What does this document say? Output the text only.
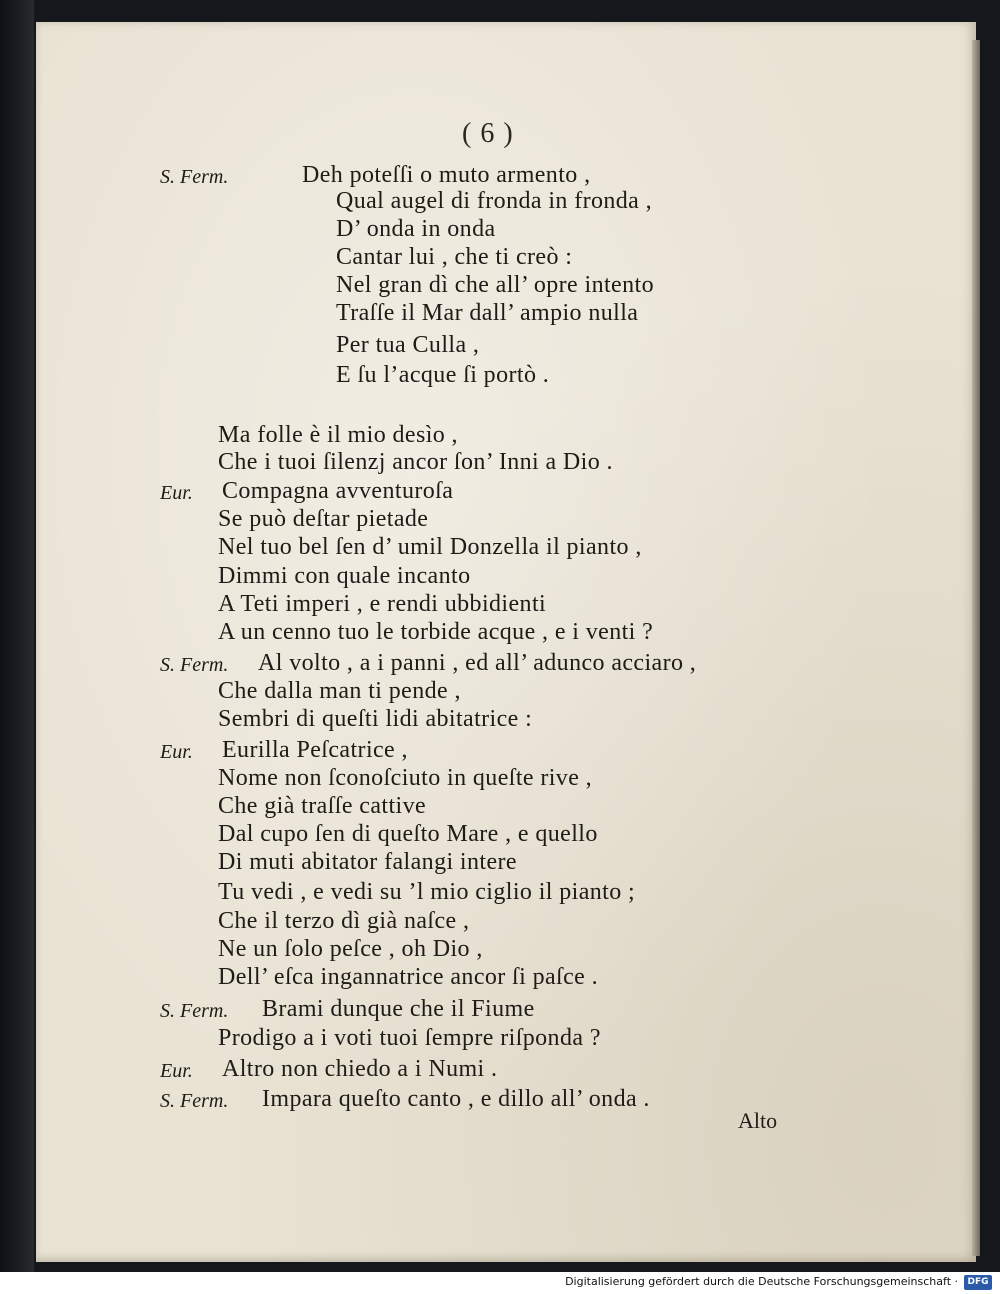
( 6 )
S. Ferm.	Deh poteſſi o muto armento ,
Qual augel di fronda in fronda ,
D’ onda in onda
Cantar lui , che ti creò :
Nel gran dì che all’ opre intento
Traſſe il Mar dall’ ampio nulla
Per tua Culla ,
E ſu l’acque ſi portò .
Ma folle è il mio desìo ,
Che i tuoi ſilenzj ancor ſon’ Inni a Dio .
Eur. Compagna avventuroſa
Se può deſtar pietade
Nel tuo bel ſen d’ umil Donzella il pianto ,
Dimmi con quale incanto
A Teti imperi , e rendi ubbidienti
A un cenno tuo le torbide acque , e i venti ?
S. Ferm. Al volto , a i panni , ed all’ adunco acciaro ,
Che dalla man ti pende ,
Sembri di queſti lidi abitatrice :
Eur. Eurilla Peſcatrice ,
Nome non ſconoſciuto in queſte rive ,
Che già traſſe cattive
Dal cupo ſen di queſto Mare , e quello
Di muti abitator falangi intere
Tu vedi , e vedi su ’l mio ciglio il pianto ;
Che il terzo dì già naſce ,
Ne un ſolo peſce , oh Dio ,
Dell’ eſca ingannatrice ancor ſi paſce .
S. Ferm. Brami dunque che il Fiume
Prodigo a i voti tuoi ſempre riſponda ?
Eur. Altro non chiedo a i Numi .
S. Ferm. Impara queſto canto , e dillo all’ onda .
Alto
Digitalisierung gefördert durch die Deutsche Forschungsgemeinschaft ·	DFG
